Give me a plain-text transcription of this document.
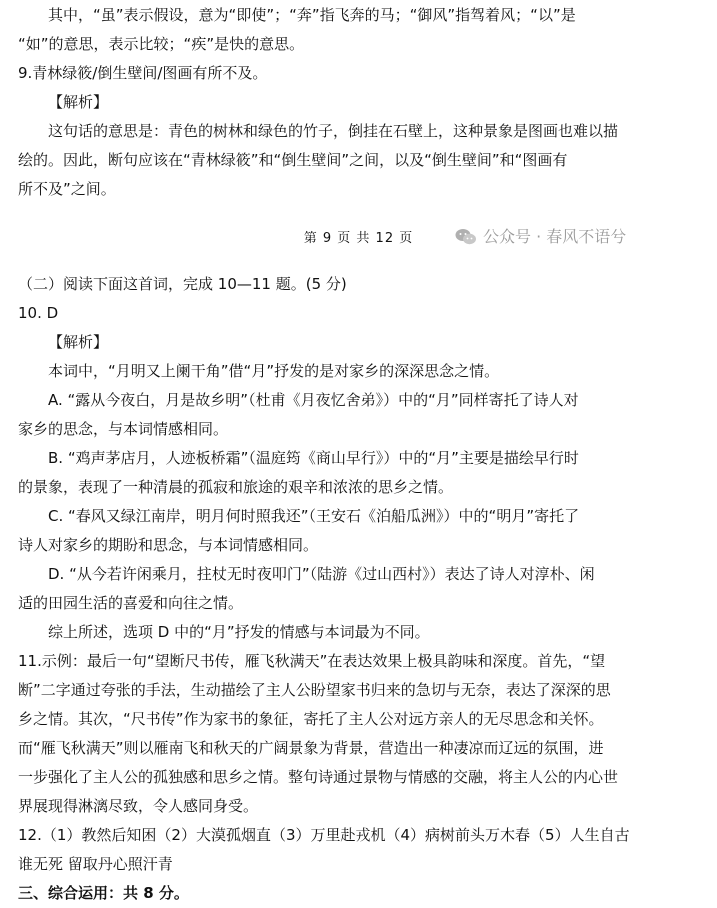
其中，“虽”表示假设，意为“即使”；“奔”指飞奔的马；“御风”指驾着风；“以”是

“如”的意思，表示比较；“疾”是快的意思。

9.青林绿筱/倒生壁间/图画有所不及。

【解析】

这句话的意思是：青色的树林和绿色的竹子，倒挂在石壁上，这种景象是图画也难以描

绘的。因此，断句应该在“青林绿筱”和“倒生壁间”之间，以及“倒生壁间”和“图画有

所不及”之间。

第 9 页 共 12 页	公众号 · 春风不语兮

（二）阅读下面这首词，完成 10—11 题。(5 分)

10. D

【解析】

本词中，“月明又上阑干角”借“月”抒发的是对家乡的深深思念之情。

A. “露从今夜白，月是故乡明”（杜甫《月夜忆舍弟》）中的“月”同样寄托了诗人对

家乡的思念，与本词情感相同。

B. “鸡声茅店月，人迹板桥霜”（温庭筠《商山早行》）中的“月”主要是描绘早行时

的景象，表现了一种清晨的孤寂和旅途的艰辛和浓浓的思乡之情。

C. “春风又绿江南岸，明月何时照我还”（王安石《泊船瓜洲》）中的“明月”寄托了

诗人对家乡的期盼和思念，与本词情感相同。

D. “从今若许闲乘月，拄杖无时夜叩门”（陆游《过山西村》）表达了诗人对淳朴、闲

适的田园生活的喜爱和向往之情。

综上所述，选项 D 中的“月”抒发的情感与本词最为不同。

11.示例：最后一句“望断尺书传，雁飞秋满天”在表达效果上极具韵味和深度。首先，“望

断”二字通过夸张的手法，生动描绘了主人公盼望家书归来的急切与无奈，表达了深深的思

乡之情。其次，“尺书传”作为家书的象征，寄托了主人公对远方亲人的无尽思念和关怀。

而“雁飞秋满天”则以雁南飞和秋天的广阔景象为背景，营造出一种凄凉而辽远的氛围，进

一步强化了主人公的孤独感和思乡之情。整句诗通过景物与情感的交融，将主人公的内心世

界展现得淋漓尽致，令人感同身受。

12.（1）教然后知困（2）大漠孤烟直（3）万里赴戎机（4）病树前头万木春（5）人生自古

谁无死 留取丹心照汗青

三、综合运用：共 8 分。
